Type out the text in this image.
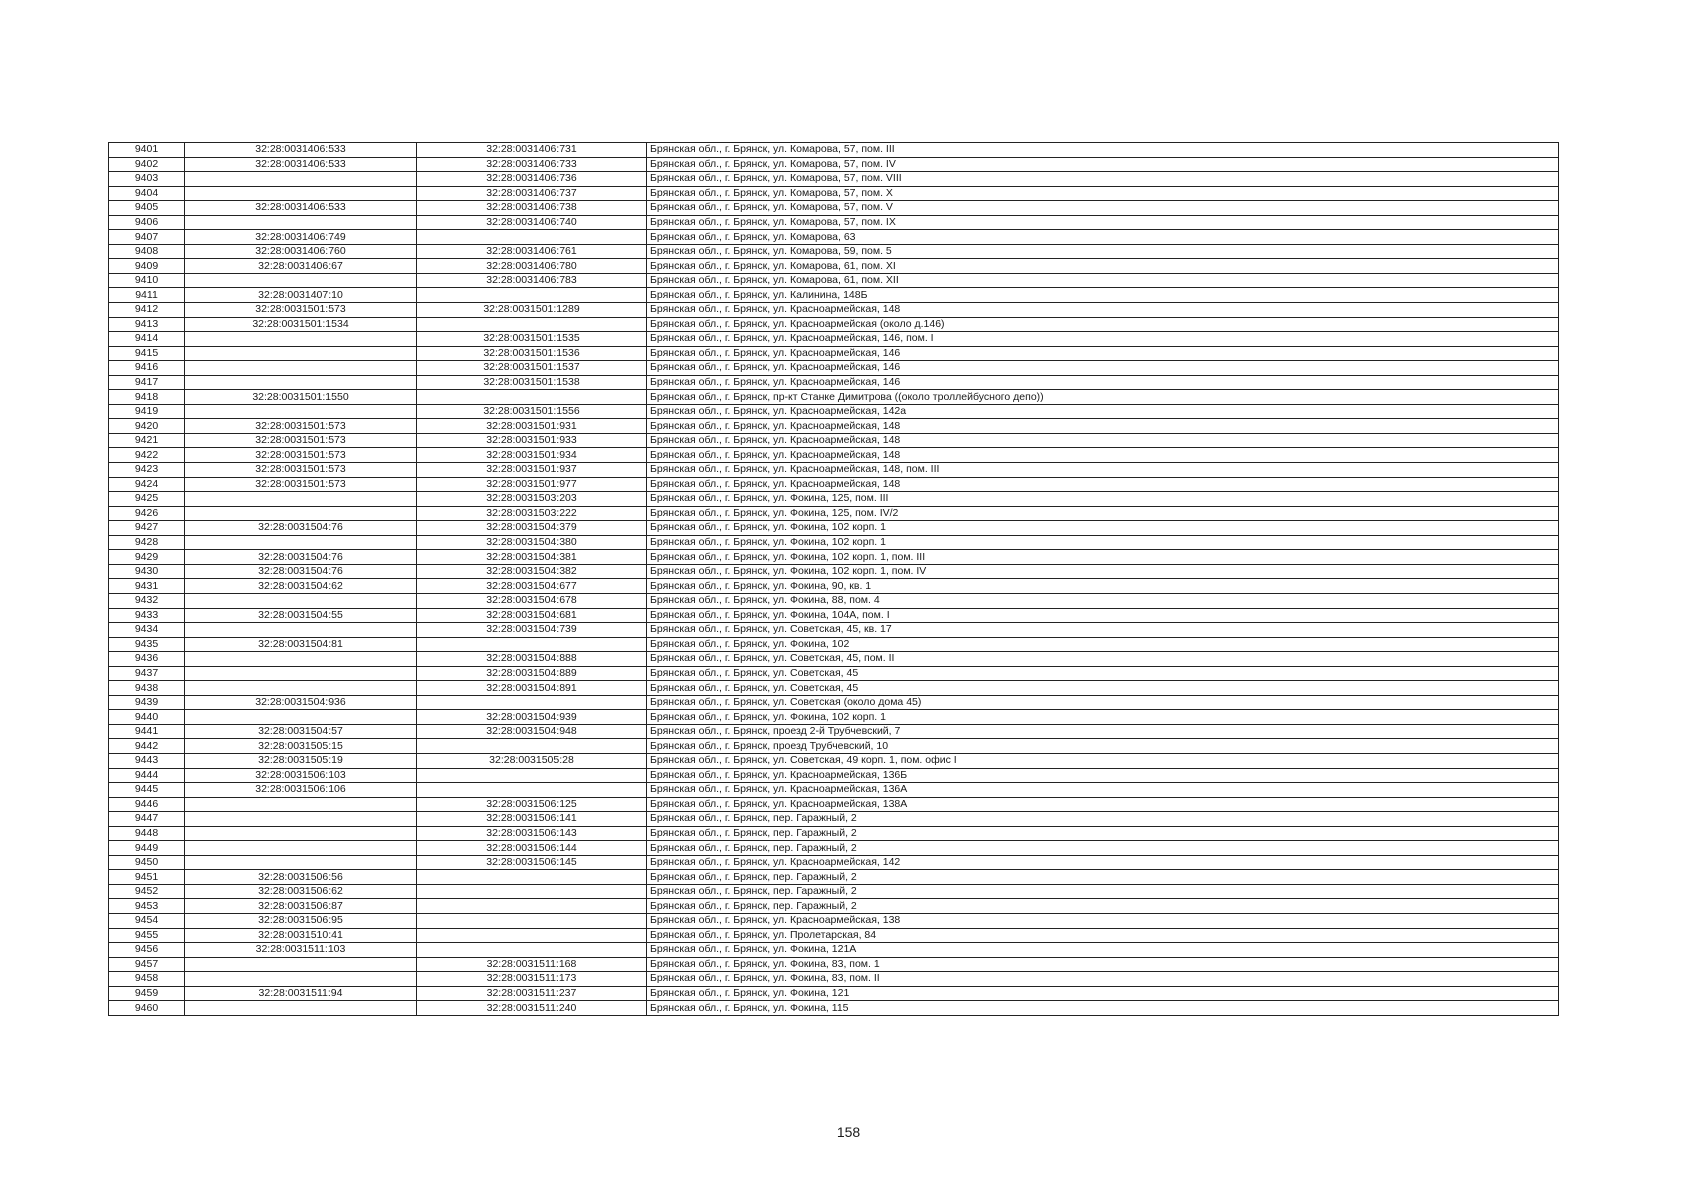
9401	32:28:0031406:533	32:28:0031406:731	Брянская обл., г. Брянск, ул. Комарова, 57, пом. III
9402	32:28:0031406:533	32:28:0031406:733	Брянская обл., г. Брянск, ул. Комарова, 57, пом. IV
9403		32:28:0031406:736	Брянская обл., г. Брянск, ул. Комарова, 57, пом. VIII
9404		32:28:0031406:737	Брянская обл., г. Брянск, ул. Комарова, 57, пом. X
9405	32:28:0031406:533	32:28:0031406:738	Брянская обл., г. Брянск, ул. Комарова, 57, пом. V
9406		32:28:0031406:740	Брянская обл., г. Брянск, ул. Комарова, 57, пом. IX
9407	32:28:0031406:749		Брянская обл., г. Брянск, ул. Комарова, 63
9408	32:28:0031406:760	32:28:0031406:761	Брянская обл., г. Брянск, ул. Комарова, 59, пом. 5
9409	32:28:0031406:67	32:28:0031406:780	Брянская обл., г. Брянск, ул. Комарова, 61, пом. XI
9410		32:28:0031406:783	Брянская обл., г. Брянск, ул. Комарова, 61, пом. XII
9411	32:28:0031407:10		Брянская обл., г. Брянск, ул. Калинина, 148Б
9412	32:28:0031501:573	32:28:0031501:1289	Брянская обл., г. Брянск, ул. Красноармейская, 148
9413	32:28:0031501:1534		Брянская обл., г. Брянск, ул. Красноармейская (около д.146)
9414		32:28:0031501:1535	Брянская обл., г. Брянск, ул. Красноармейская, 146, пом. I
9415		32:28:0031501:1536	Брянская обл., г. Брянск, ул. Красноармейская, 146
9416		32:28:0031501:1537	Брянская обл., г. Брянск, ул. Красноармейская, 146
9417		32:28:0031501:1538	Брянская обл., г. Брянск, ул. Красноармейская, 146
9418	32:28:0031501:1550		Брянская обл., г. Брянск, пр-кт Станке Димитрова ((около троллейбусного депо))
9419		32:28:0031501:1556	Брянская обл., г. Брянск, ул. Красноармейская, 142а
9420	32:28:0031501:573	32:28:0031501:931	Брянская обл., г. Брянск, ул. Красноармейская, 148
9421	32:28:0031501:573	32:28:0031501:933	Брянская обл., г. Брянск, ул. Красноармейская, 148
9422	32:28:0031501:573	32:28:0031501:934	Брянская обл., г. Брянск, ул. Красноармейская, 148
9423	32:28:0031501:573	32:28:0031501:937	Брянская обл., г. Брянск, ул. Красноармейская, 148, пом. III
9424	32:28:0031501:573	32:28:0031501:977	Брянская обл., г. Брянск, ул. Красноармейская, 148
9425		32:28:0031503:203	Брянская обл., г. Брянск, ул. Фокина, 125, пом. III
9426		32:28:0031503:222	Брянская обл., г. Брянск, ул. Фокина, 125, пом. IV/2
9427	32:28:0031504:76	32:28:0031504:379	Брянская обл., г. Брянск, ул. Фокина, 102 корп. 1
9428		32:28:0031504:380	Брянская обл., г. Брянск, ул. Фокина, 102 корп. 1
9429	32:28:0031504:76	32:28:0031504:381	Брянская обл., г. Брянск, ул. Фокина, 102 корп. 1, пом. III
9430	32:28:0031504:76	32:28:0031504:382	Брянская обл., г. Брянск, ул. Фокина, 102 корп. 1, пом. IV
9431	32:28:0031504:62	32:28:0031504:677	Брянская обл., г. Брянск, ул. Фокина, 90, кв. 1
9432		32:28:0031504:678	Брянская обл., г. Брянск, ул. Фокина, 88, пом. 4
9433	32:28:0031504:55	32:28:0031504:681	Брянская обл., г. Брянск, ул. Фокина, 104А, пом. I
9434		32:28:0031504:739	Брянская обл., г. Брянск, ул. Советская, 45, кв. 17
9435	32:28:0031504:81		Брянская обл., г. Брянск, ул. Фокина, 102
9436		32:28:0031504:888	Брянская обл., г. Брянск, ул. Советская, 45, пом. II
9437		32:28:0031504:889	Брянская обл., г. Брянск, ул. Советская, 45
9438		32:28:0031504:891	Брянская обл., г. Брянск, ул. Советская, 45
9439	32:28:0031504:936		Брянская обл., г. Брянск, ул. Советская (около дома 45)
9440		32:28:0031504:939	Брянская обл., г. Брянск, ул. Фокина, 102 корп. 1
9441	32:28:0031504:57	32:28:0031504:948	Брянская обл., г. Брянск, проезд 2-й Трубчевский, 7
9442	32:28:0031505:15		Брянская обл., г. Брянск, проезд Трубчевский, 10
9443	32:28:0031505:19	32:28:0031505:28	Брянская обл., г. Брянск, ул. Советская, 49 корп. 1, пом. офис I
9444	32:28:0031506:103		Брянская обл., г. Брянск, ул. Красноармейская, 136Б
9445	32:28:0031506:106		Брянская обл., г. Брянск, ул. Красноармейская, 136А
9446		32:28:0031506:125	Брянская обл., г. Брянск, ул. Красноармейская, 138А
9447		32:28:0031506:141	Брянская обл., г. Брянск, пер. Гаражный, 2
9448		32:28:0031506:143	Брянская обл., г. Брянск, пер. Гаражный, 2
9449		32:28:0031506:144	Брянская обл., г. Брянск, пер. Гаражный, 2
9450		32:28:0031506:145	Брянская обл., г. Брянск, ул. Красноармейская, 142
9451	32:28:0031506:56		Брянская обл., г. Брянск, пер. Гаражный, 2
9452	32:28:0031506:62		Брянская обл., г. Брянск, пер. Гаражный, 2
9453	32:28:0031506:87		Брянская обл., г. Брянск, пер. Гаражный, 2
9454	32:28:0031506:95		Брянская обл., г. Брянск, ул. Красноармейская, 138
9455	32:28:0031510:41		Брянская обл., г. Брянск, ул. Пролетарская, 84
9456	32:28:0031511:103		Брянская обл., г. Брянск, ул. Фокина, 121А
9457		32:28:0031511:168	Брянская обл., г. Брянск, ул. Фокина, 83, пом. 1
9458		32:28:0031511:173	Брянская обл., г. Брянск, ул. Фокина, 83, пом. II
9459	32:28:0031511:94	32:28:0031511:237	Брянская обл., г. Брянск, ул. Фокина, 121
9460		32:28:0031511:240	Брянская обл., г. Брянск, ул. Фокина, 115
158
